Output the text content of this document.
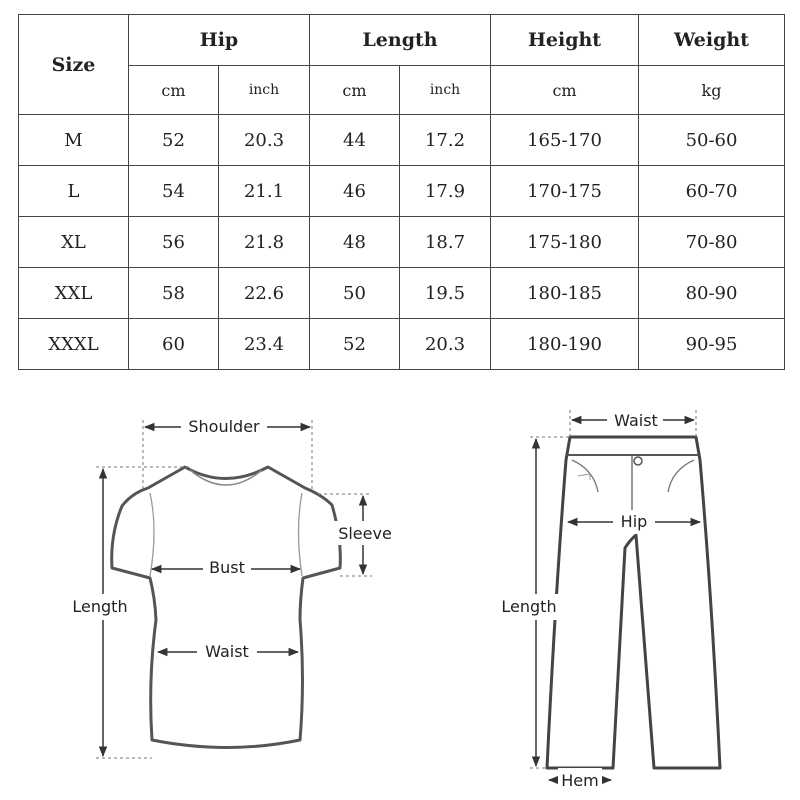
Size	Hip		Length		Height	Weight
	cm	inch	cm	inch	cm	kg
M	52	20.3	44	17.2	165-170	50-60
L	54	21.1	46	17.9	170-175	60-70
XL	56	21.8	48	18.7	175-180	70-80
XXL	58	22.6	50	19.5	180-185	80-90
XXXL	60	23.4	52	20.3	180-190	90-95
Shoulder
Sleeve
Length
Bust
Waist
Waist
Hip
Length
Hem
